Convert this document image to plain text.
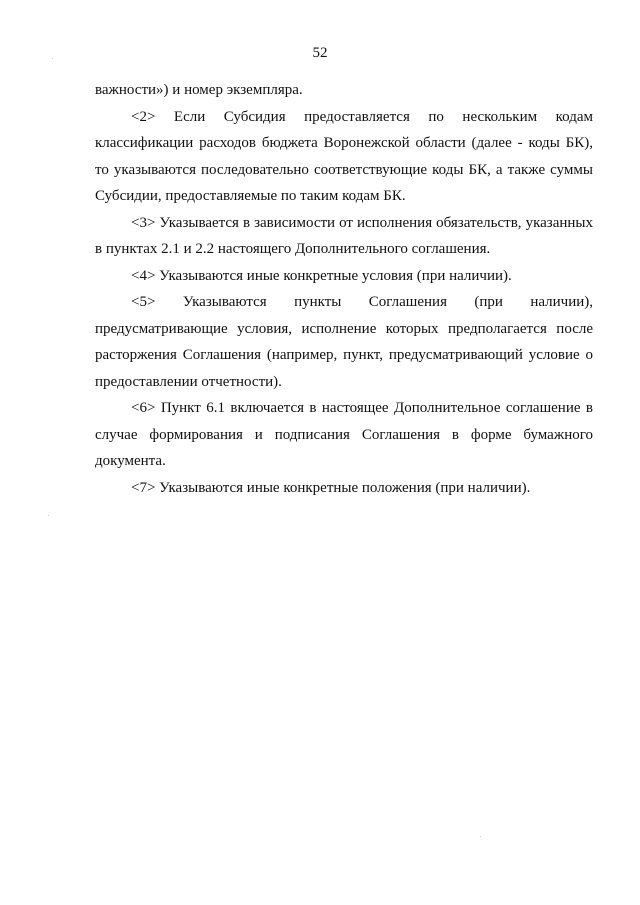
52

важности») и номер экземпляра.

<2> Если Субсидия предоставляется по нескольким кодам классификации расходов бюджета Воронежской области (далее - коды БК), то указываются последовательно соответствующие коды БК, а также суммы Субсидии, предоставляемые по таким кодам БК.

<3> Указывается в зависимости от исполнения обязательств, указанных в пунктах 2.1 и 2.2 настоящего Дополнительного соглашения.

<4> Указываются иные конкретные условия (при наличии).

<5> Указываются пункты Соглашения (при наличии), предусматривающие условия, исполнение которых предполагается после расторжения Соглашения (например, пункт, предусматривающий условие о предоставлении отчетности).

<6> Пункт 6.1 включается в настоящее Дополнительное соглашение в случае формирования и подписания Соглашения в форме бумажного документа.

<7> Указываются иные конкретные положения (при наличии).
